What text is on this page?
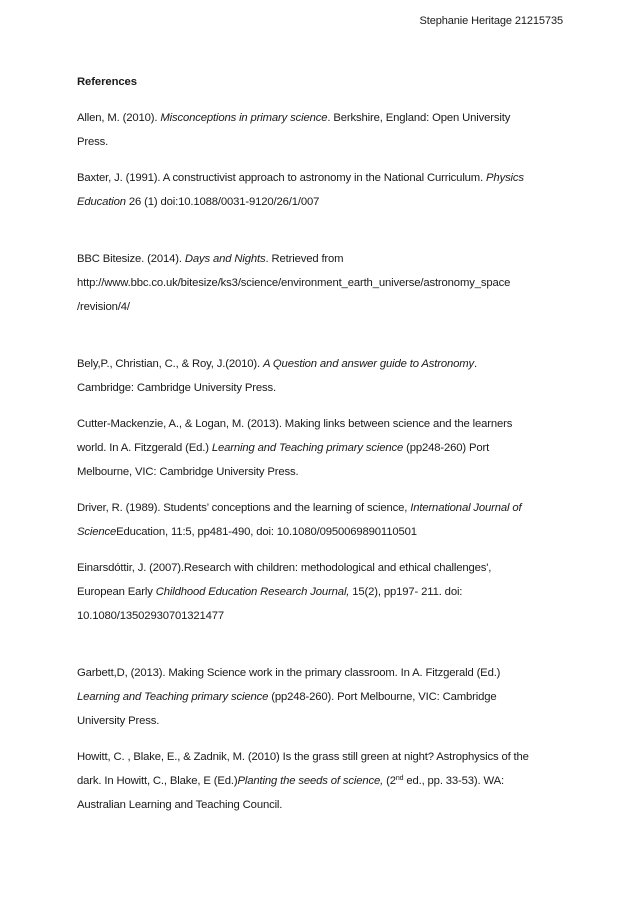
Stephanie Heritage 21215735
References

Allen, M. (2010). Misconceptions in primary science. Berkshire, England: Open University
Press.

Baxter, J. (1991). A constructivist approach to astronomy in the National Curriculum. Physics
Education 26 (1) doi:10.1088/0031-9120/26/1/007

BBC Bitesize. (2014). Days and Nights. Retrieved from
http://www.bbc.co.uk/bitesize/ks3/science/environment_earth_universe/astronomy_space
/revision/4/

Bely,P., Christian, C., & Roy, J.(2010). A Question and answer guide to Astronomy.
Cambridge: Cambridge University Press.

Cutter-Mackenzie, A., & Logan, M. (2013). Making links between science and the learners
world. In A. Fitzgerald (Ed.) Learning and Teaching primary science (pp248-260) Port
Melbourne, VIC: Cambridge University Press.

Driver, R. (1989). Students’ conceptions and the learning of science, International Journal of
ScienceEducation, 11:5, pp481-490, doi: 10.1080/0950069890110501

Einarsdóttir, J. (2007).Research with children: methodological and ethical challenges',
European Early Childhood Education Research Journal, 15(2), pp197- 211. doi:
10.1080/13502930701321477

Garbett,D, (2013). Making Science work in the primary classroom. In A. Fitzgerald (Ed.)
Learning and Teaching primary science (pp248-260). Port Melbourne, VIC: Cambridge
University Press.

Howitt, C. , Blake, E., & Zadnik, M. (2010) Is the grass still green at night? Astrophysics of the
dark. In Howitt, C., Blake, E (Ed.)Planting the seeds of science, (2nd ed., pp. 33-53). WA:
Australian Learning and Teaching Council.
